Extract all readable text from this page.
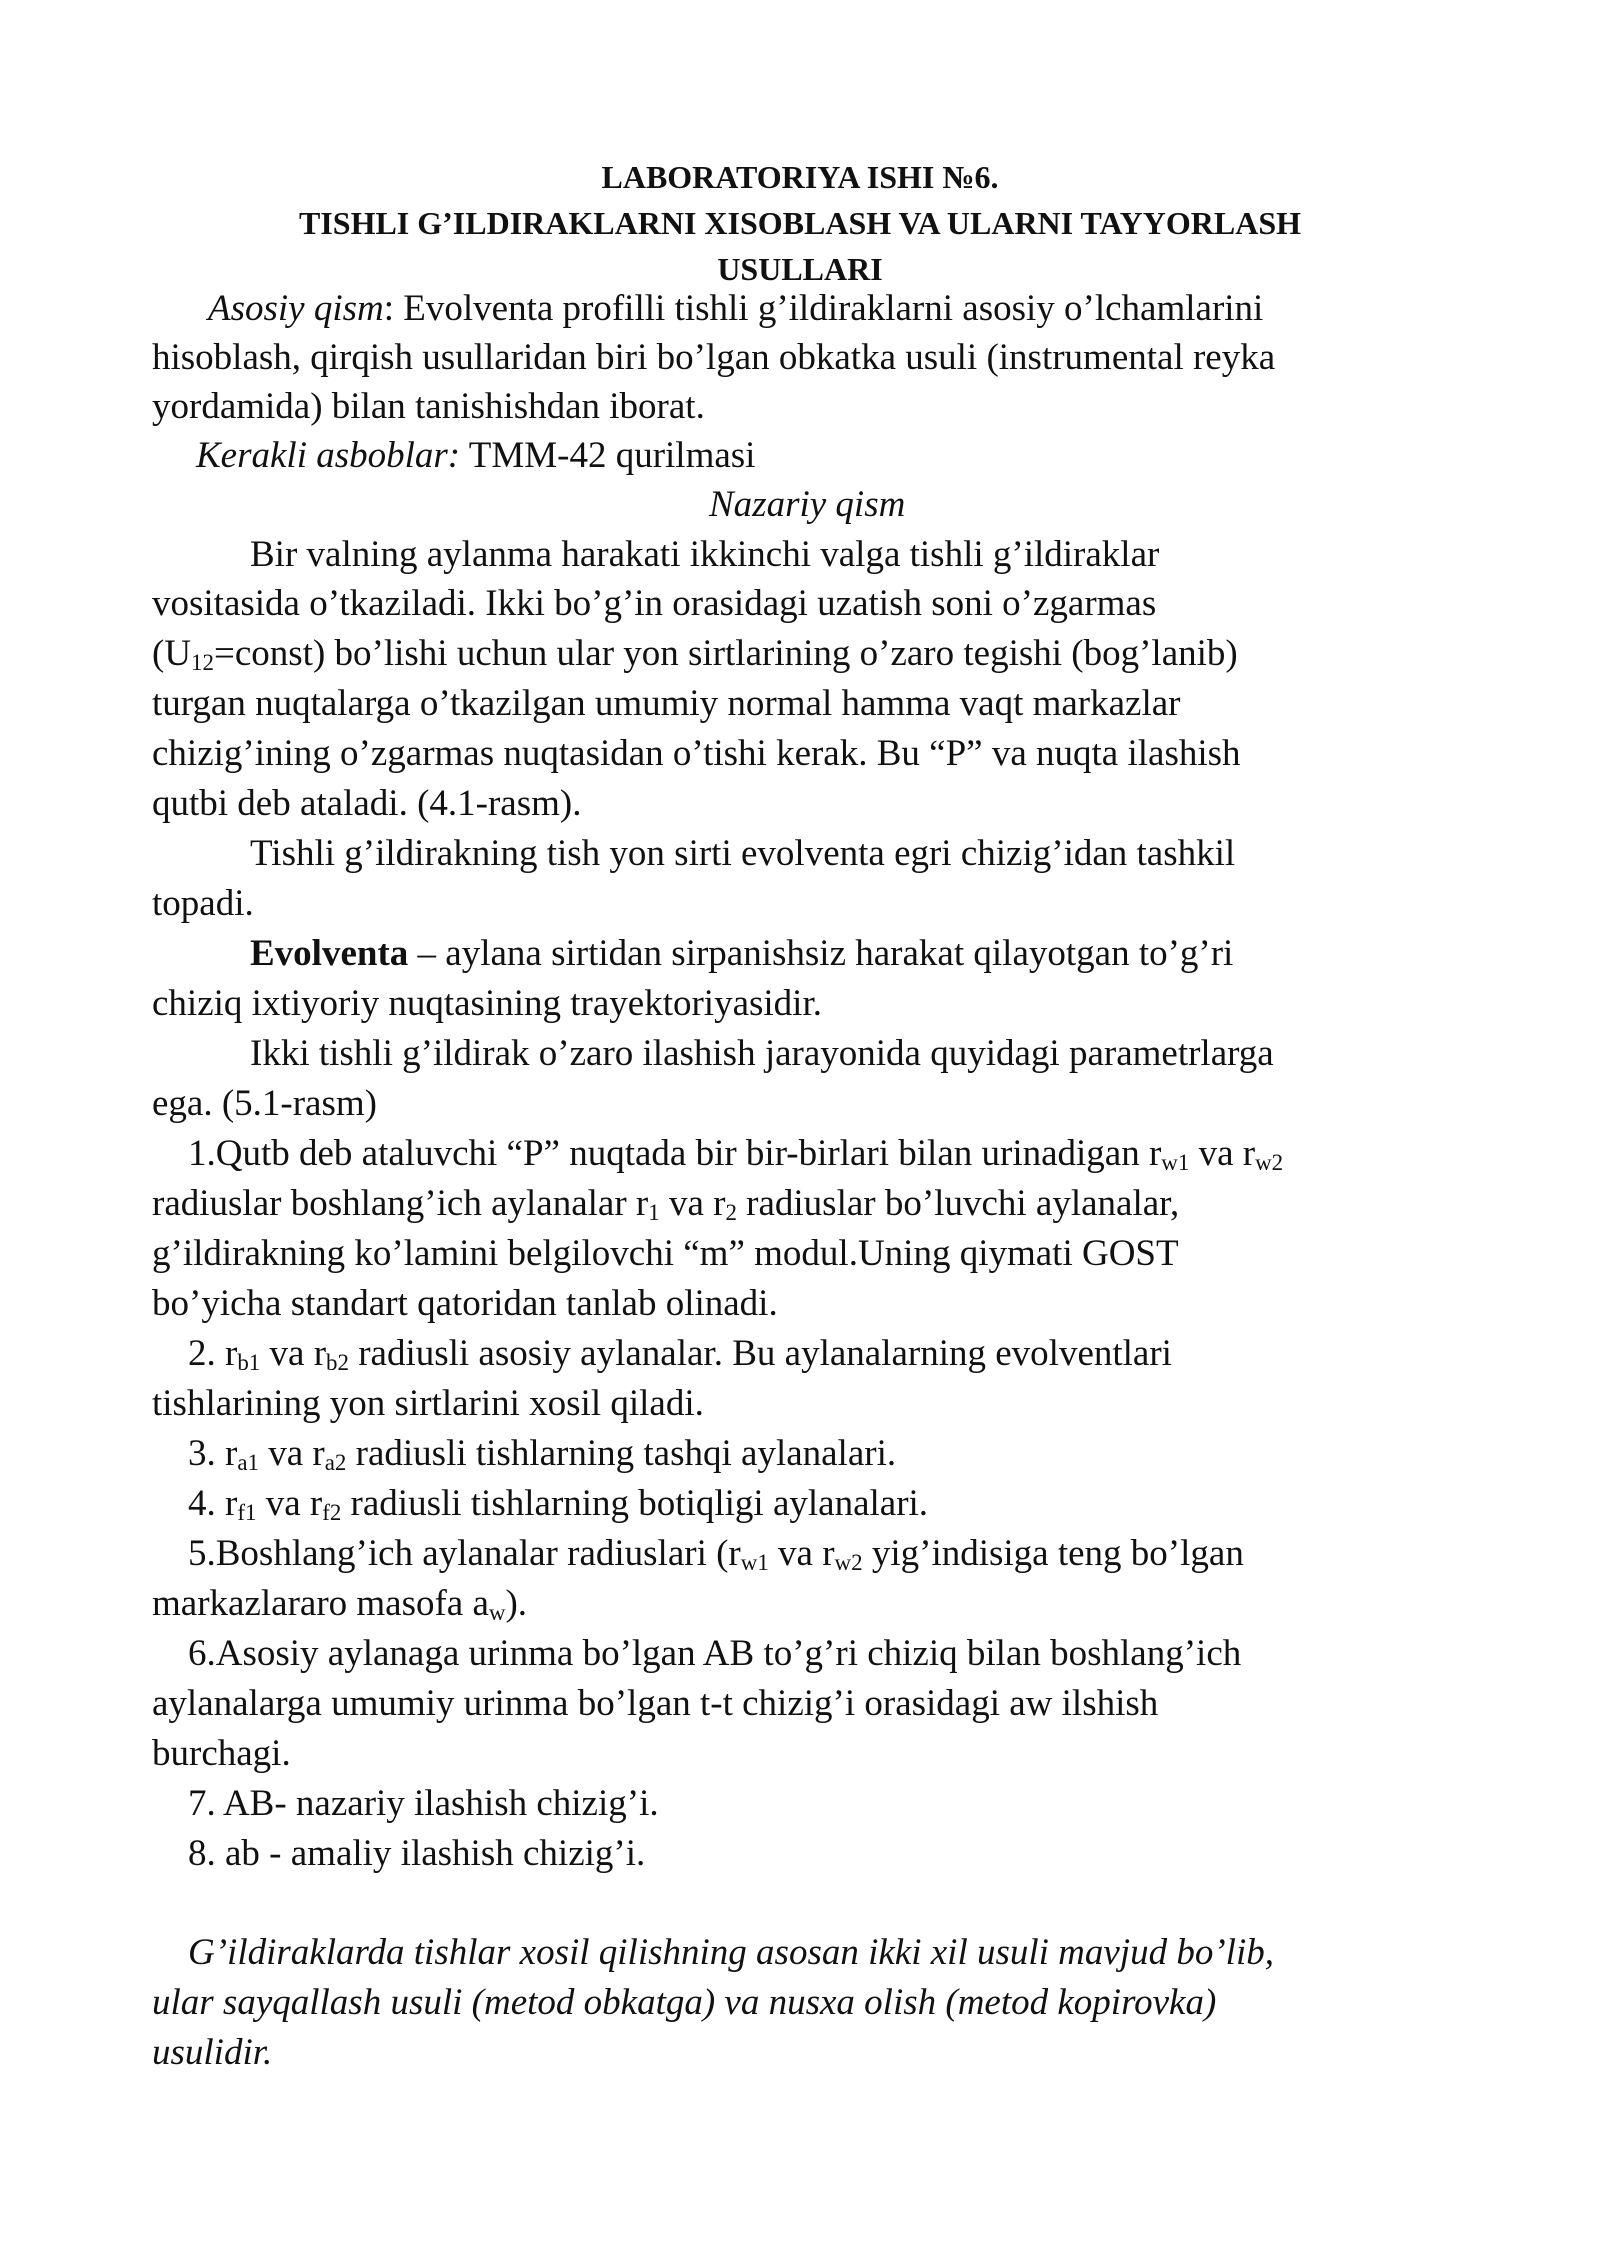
LABORATORIYA ISHI №6.

TISHLI G’ILDIRAKLARNI XISOBLASH VA ULARNI TAYYORLASH

USULLARI

Asosiy qism: Evolventa profilli tishli g’ildiraklarni asosiy o’lchamlarini

hisoblash, qirqish usullaridan biri bo’lgan obkatka usuli (instrumental reyka

yordamida) bilan tanishishdan iborat.

Kerakli asboblar: TMM-42 qurilmasi

Nazariy qism

Bir valning aylanma harakati ikkinchi valga tishli g’ildiraklar

vositasida o’tkaziladi. Ikki bo’g’in orasidagi uzatish soni o’zgarmas

$(U_{12}=const)$ bo’lishi uchun ular yon sirtlarining o’zaro tegishi (bog’lanib)

turgan nuqtalarga o’tkazilgan umumiy normal hamma vaqt markazlar

chizig’ining o’zgarmas nuqtasidan o’tishi kerak. Bu “P” va nuqta ilashish

qutbi deb ataladi. (4.1-rasm).

Tishli g’ildirakning tish yon sirti evolventa egri chizig’idan tashkil

topadi.

Evolventa – aylana sirtidan sirpanishsiz harakat qilayotgan to’g’ri

chiziq ixtiyoriy nuqtasining trayektoriyasidir.

Ikki tishli g’ildirak o’zaro ilashish jarayonida quyidagi parametrlarga

ega. (5.1-rasm)

1.Qutb deb ataluvchi “P” nuqtada bir bir-birlari bilan urinadigan $r_{w1}$ va $r_{w2}$

radiuslar boshlang’ich aylanalar $r_1$ va $r_2$ radiuslar bo’luvchi aylanalar,

g’ildirakning ko’lamini belgilovchi “m” modul.Uning qiymati GOST

bo’yicha standart qatoridan tanlab olinadi.

2. $r_{b1}$ va $r_{b2}$ radiusli asosiy aylanalar. Bu aylanalarning evolventlari

tishlarining yon sirtlarini xosil qiladi.

3. $r_{a1}$ va $r_{a2}$ radiusli tishlarning tashqi aylanalari.

4. $r_{f1}$ va $r_{f2}$ radiusli tishlarning botiqligi aylanalari.

5.Boshlang’ich aylanalar radiuslari ($r_{w1}$ va $r_{w2}$ yig’indisiga teng bo’lgan

markazlararo masofa $a_w$).

6.Asosiy aylanaga urinma bo’lgan AB to’g’ri chiziq bilan boshlang’ich

aylanalarga umumiy urinma bo’lgan t-t chizig’i orasidagi aw ilshish

burchagi.

7. AB- nazariy ilashish chizig’i.

8. ab - amaliy ilashish chizig’i.

G’ildiraklarda tishlar xosil qilishning asosan ikki xil usuli mavjud bo’lib,

ular sayqallash usuli (metod obkatga) va nusxa olish (metod kopirovka)

usulidir.
